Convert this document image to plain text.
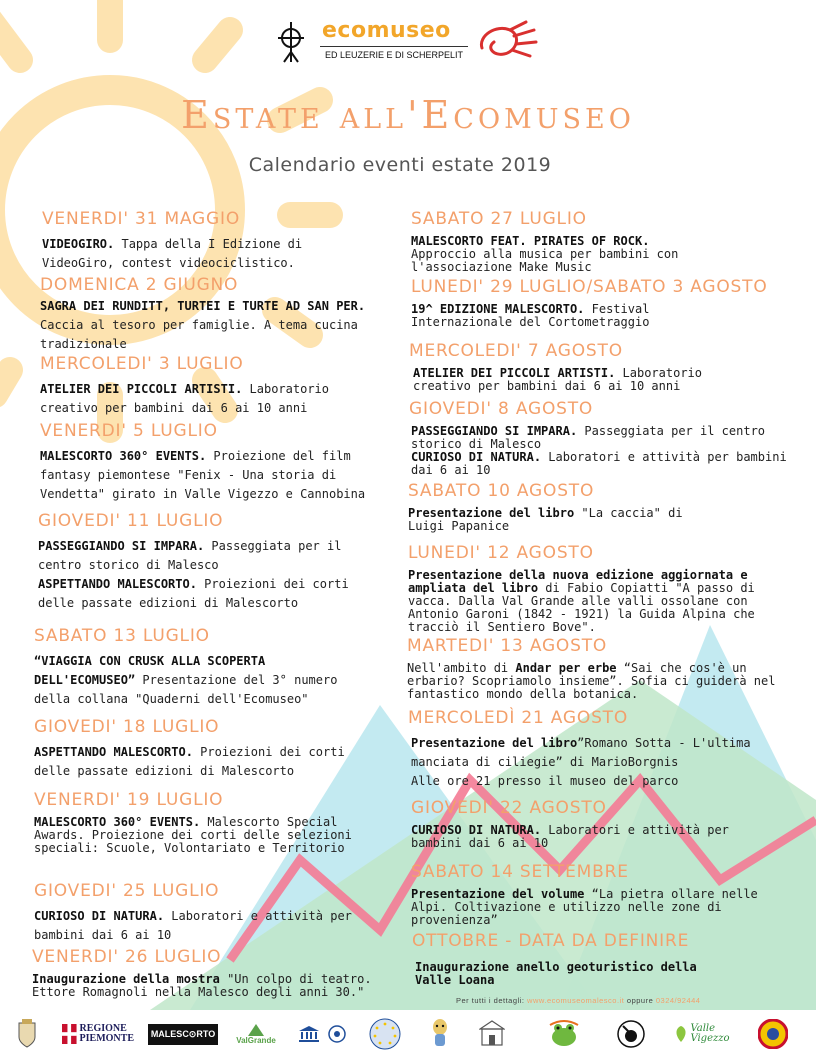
ecomuseo
ED LEUZERIE E DI SCHERPELIT
Estate all'Ecomuseo
Calendario eventi estate 2019
VENERDI' 31 MAGGIO
VIDEOGIRO. Tappa della I Edizione di VideoGiro, contest videociclistico.
DOMENICA 2 GIUGNO
SAGRA DEI RUNDITT, TURTEI E TURTE AD SAN PER. Caccia al tesoro per famiglie. A tema cucina tradizionale
MERCOLEDI' 3 LUGLIO
ATELIER DEI PICCOLI ARTISTI. Laboratorio creativo per bambini dai 6 ai 10 anni
VENERDI' 5 LUGLIO
MALESCORTO 360° EVENTS. Proiezione del film fantasy piemontese "Fenix - Una storia di Vendetta" girato in Valle Vigezzo e Cannobina
GIOVEDI' 11 LUGLIO
PASSEGGIANDO SI IMPARA. Passeggiata per il centro storico di Malesco
ASPETTANDO MALESCORTO. Proiezioni dei corti delle passate edizioni di Malescorto
SABATO 13 LUGLIO
“VIAGGIA CON CRUSK ALLA SCOPERTA DELL'ECOMUSEO” Presentazione del 3° numero della collana "Quaderni dell'Ecomuseo"
GIOVEDI' 18 LUGLIO
ASPETTANDO MALESCORTO. Proiezioni dei corti delle passate edizioni di Malescorto
VENERDI' 19 LUGLIO
MALESCORTO 360° EVENTS. Malescorto Special Awards. Proiezione dei corti delle selezioni speciali: Scuole, Volontariato e Territorio
GIOVEDI' 25 LUGLIO
CURIOSO DI NATURA. Laboratori e attività per bambini dai 6 ai 10
VENERDI' 26 LUGLIO
Inaugurazione della mostra "Un colpo di teatro. Ettore Romagnoli nella Malesco degli anni 30."
SABATO 27 LUGLIO
MALESCORTO FEAT. PIRATES OF ROCK. Approccio alla musica per bambini con l'associazione Make Music
LUNEDI' 29 LUGLIO/SABATO 3 AGOSTO
19^ EDIZIONE MALESCORTO. Festival Internazionale del Cortometraggio
MERCOLEDI' 7 AGOSTO
ATELIER DEI PICCOLI ARTISTI. Laboratorio creativo per bambini dai 6 ai 10 anni
GIOVEDI' 8 AGOSTO
PASSEGGIANDO SI IMPARA. Passeggiata per il centro storico di Malesco
CURIOSO DI NATURA. Laboratori e attività per bambini dai 6 ai 10
SABATO 10 AGOSTO
Presentazione del libro "La caccia" di Luigi Papanice
LUNEDI' 12 AGOSTO
Presentazione della nuova edizione aggiornata e ampliata del libro di Fabio Copiatti "A passo di vacca. Dalla Val Grande alle valli ossolane con Antonio Garoni (1842 - 1921) la Guida Alpina che tracciò il Sentiero Bove".
MARTEDI' 13 AGOSTO
Nell'ambito di Andar per erbe “Sai che cos'è un erbario? Scopriamolo insieme”. Sofia ci guiderà nel fantastico mondo della botanica.
MERCOLEDÌ 21 AGOSTO
Presentazione del libro”Romano Sotta - L'ultima manciata di ciliegie” di MarioBorgnis
Alle ore 21 presso il museo del parco
GIOVEDI' 22 AGOSTO
CURIOSO DI NATURA. Laboratori e attività per bambini dai 6 ai 10
SABATO 14 SETTEMBRE
Presentazione del volume “La pietra ollare nelle Alpi. Coltivazione e utilizzo nelle zone di provenienza”
OTTOBRE - DATA DA DEFINIRE
Inaugurazione anello geoturistico della Valle Loana
Per tutti i dettagli: www.ecomuseomalesco.it oppure 0324/92444
REGIONE
PIEMONTE	MALESC⊙RTO
ValGrande
Valle
Vigezzo
